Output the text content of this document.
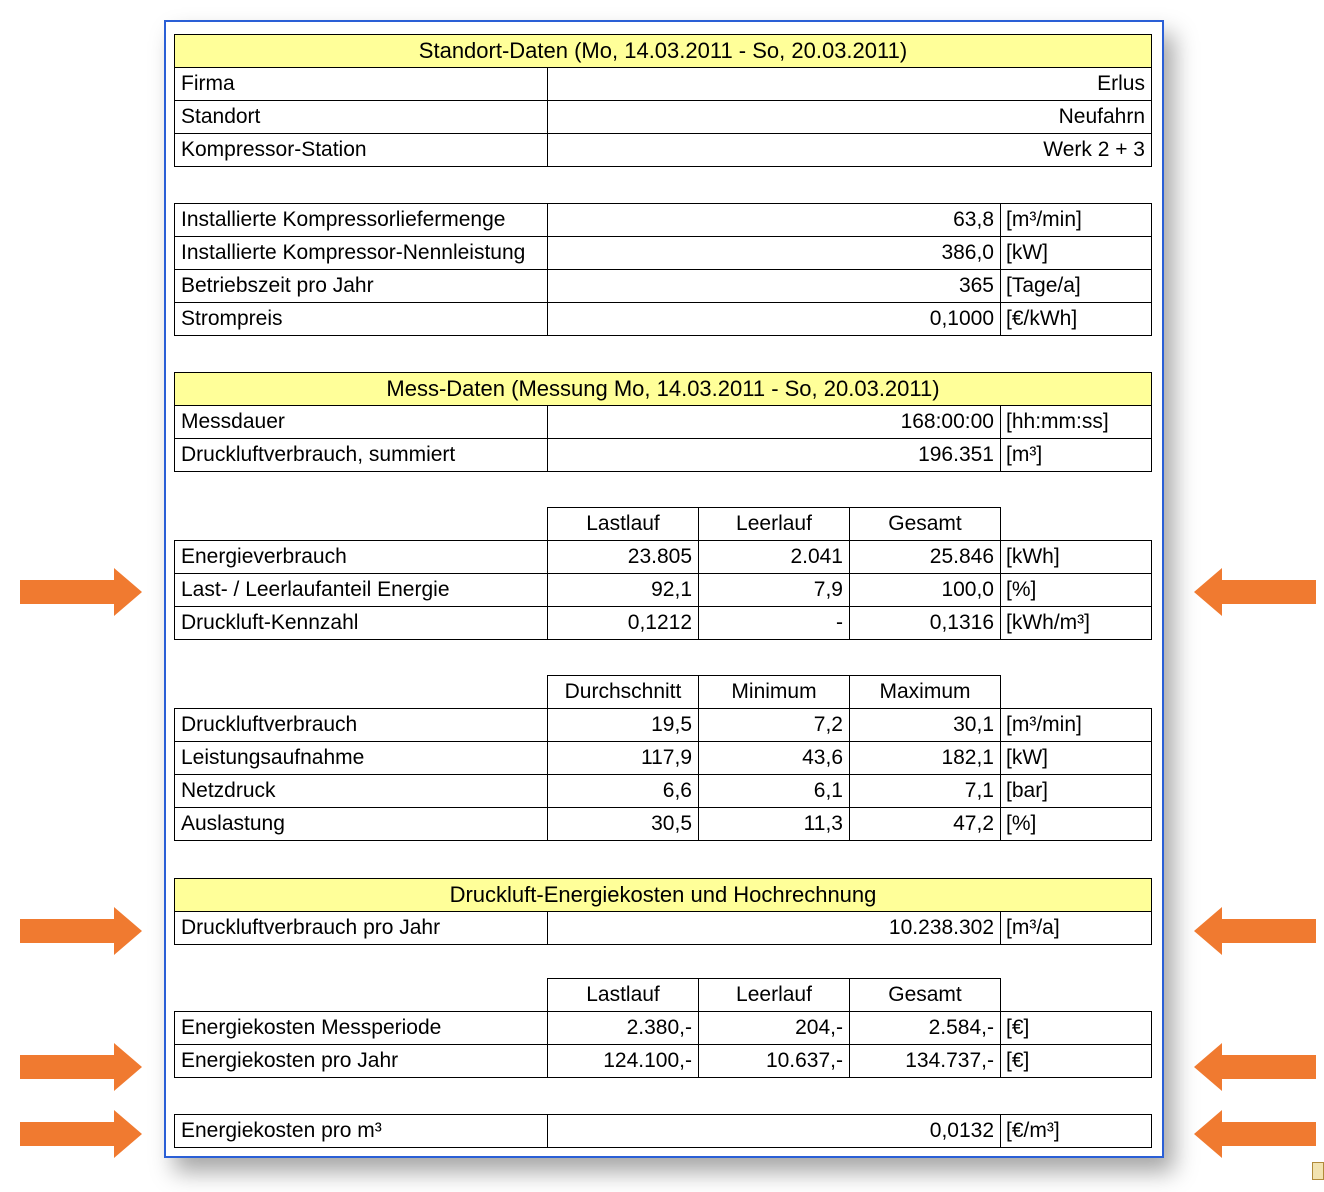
Standort-Daten (Mo, 14.03.2011 - So, 20.03.2011)	
Firma	Erlus
Standort	Neufahrn
Kompressor-Station	Werk 2 + 3
Installierte Kompressorliefermenge	63,8	[m³/min]
Installierte Kompressor-Nennleistung	386,0	[kW]
Betriebszeit pro Jahr	365	[Tage/a]
Strompreis	0,1000	[€/kWh]
Mess-Daten (Messung Mo, 14.03.2011 - So, 20.03.2011)		
Messdauer	168:00:00	[hh:mm:ss]
Druckluftverbrauch, summiert	196.351	[m³]
	Lastlauf	Leerlauf	Gesamt	
Energieverbrauch	23.805	2.041	25.846	[kWh]
Last- / Leerlaufanteil Energie	92,1	7,9	100,0	[%]
Druckluft-Kennzahl	0,1212	-	0,1316	[kWh/m³]
	Durchschnitt	Minimum	Maximum	
Druckluftverbrauch	19,5	7,2	30,1	[m³/min]
Leistungsaufnahme	117,9	43,6	182,1	[kW]
Netzdruck	6,6	6,1	7,1	[bar]
Auslastung	30,5	11,3	47,2	[%]
Druckluft-Energiekosten und Hochrechnung
Druckluftverbrauch pro Jahr	10.238.302	[m³/a]
	Lastlauf	Leerlauf	Gesamt	
Energiekosten Messperiode	2.380,-	204,-	2.584,-	[€]
Energiekosten pro Jahr	124.100,-	10.637,-	134.737,-	[€]
Energiekosten pro m³	0,0132	[€/m³]
